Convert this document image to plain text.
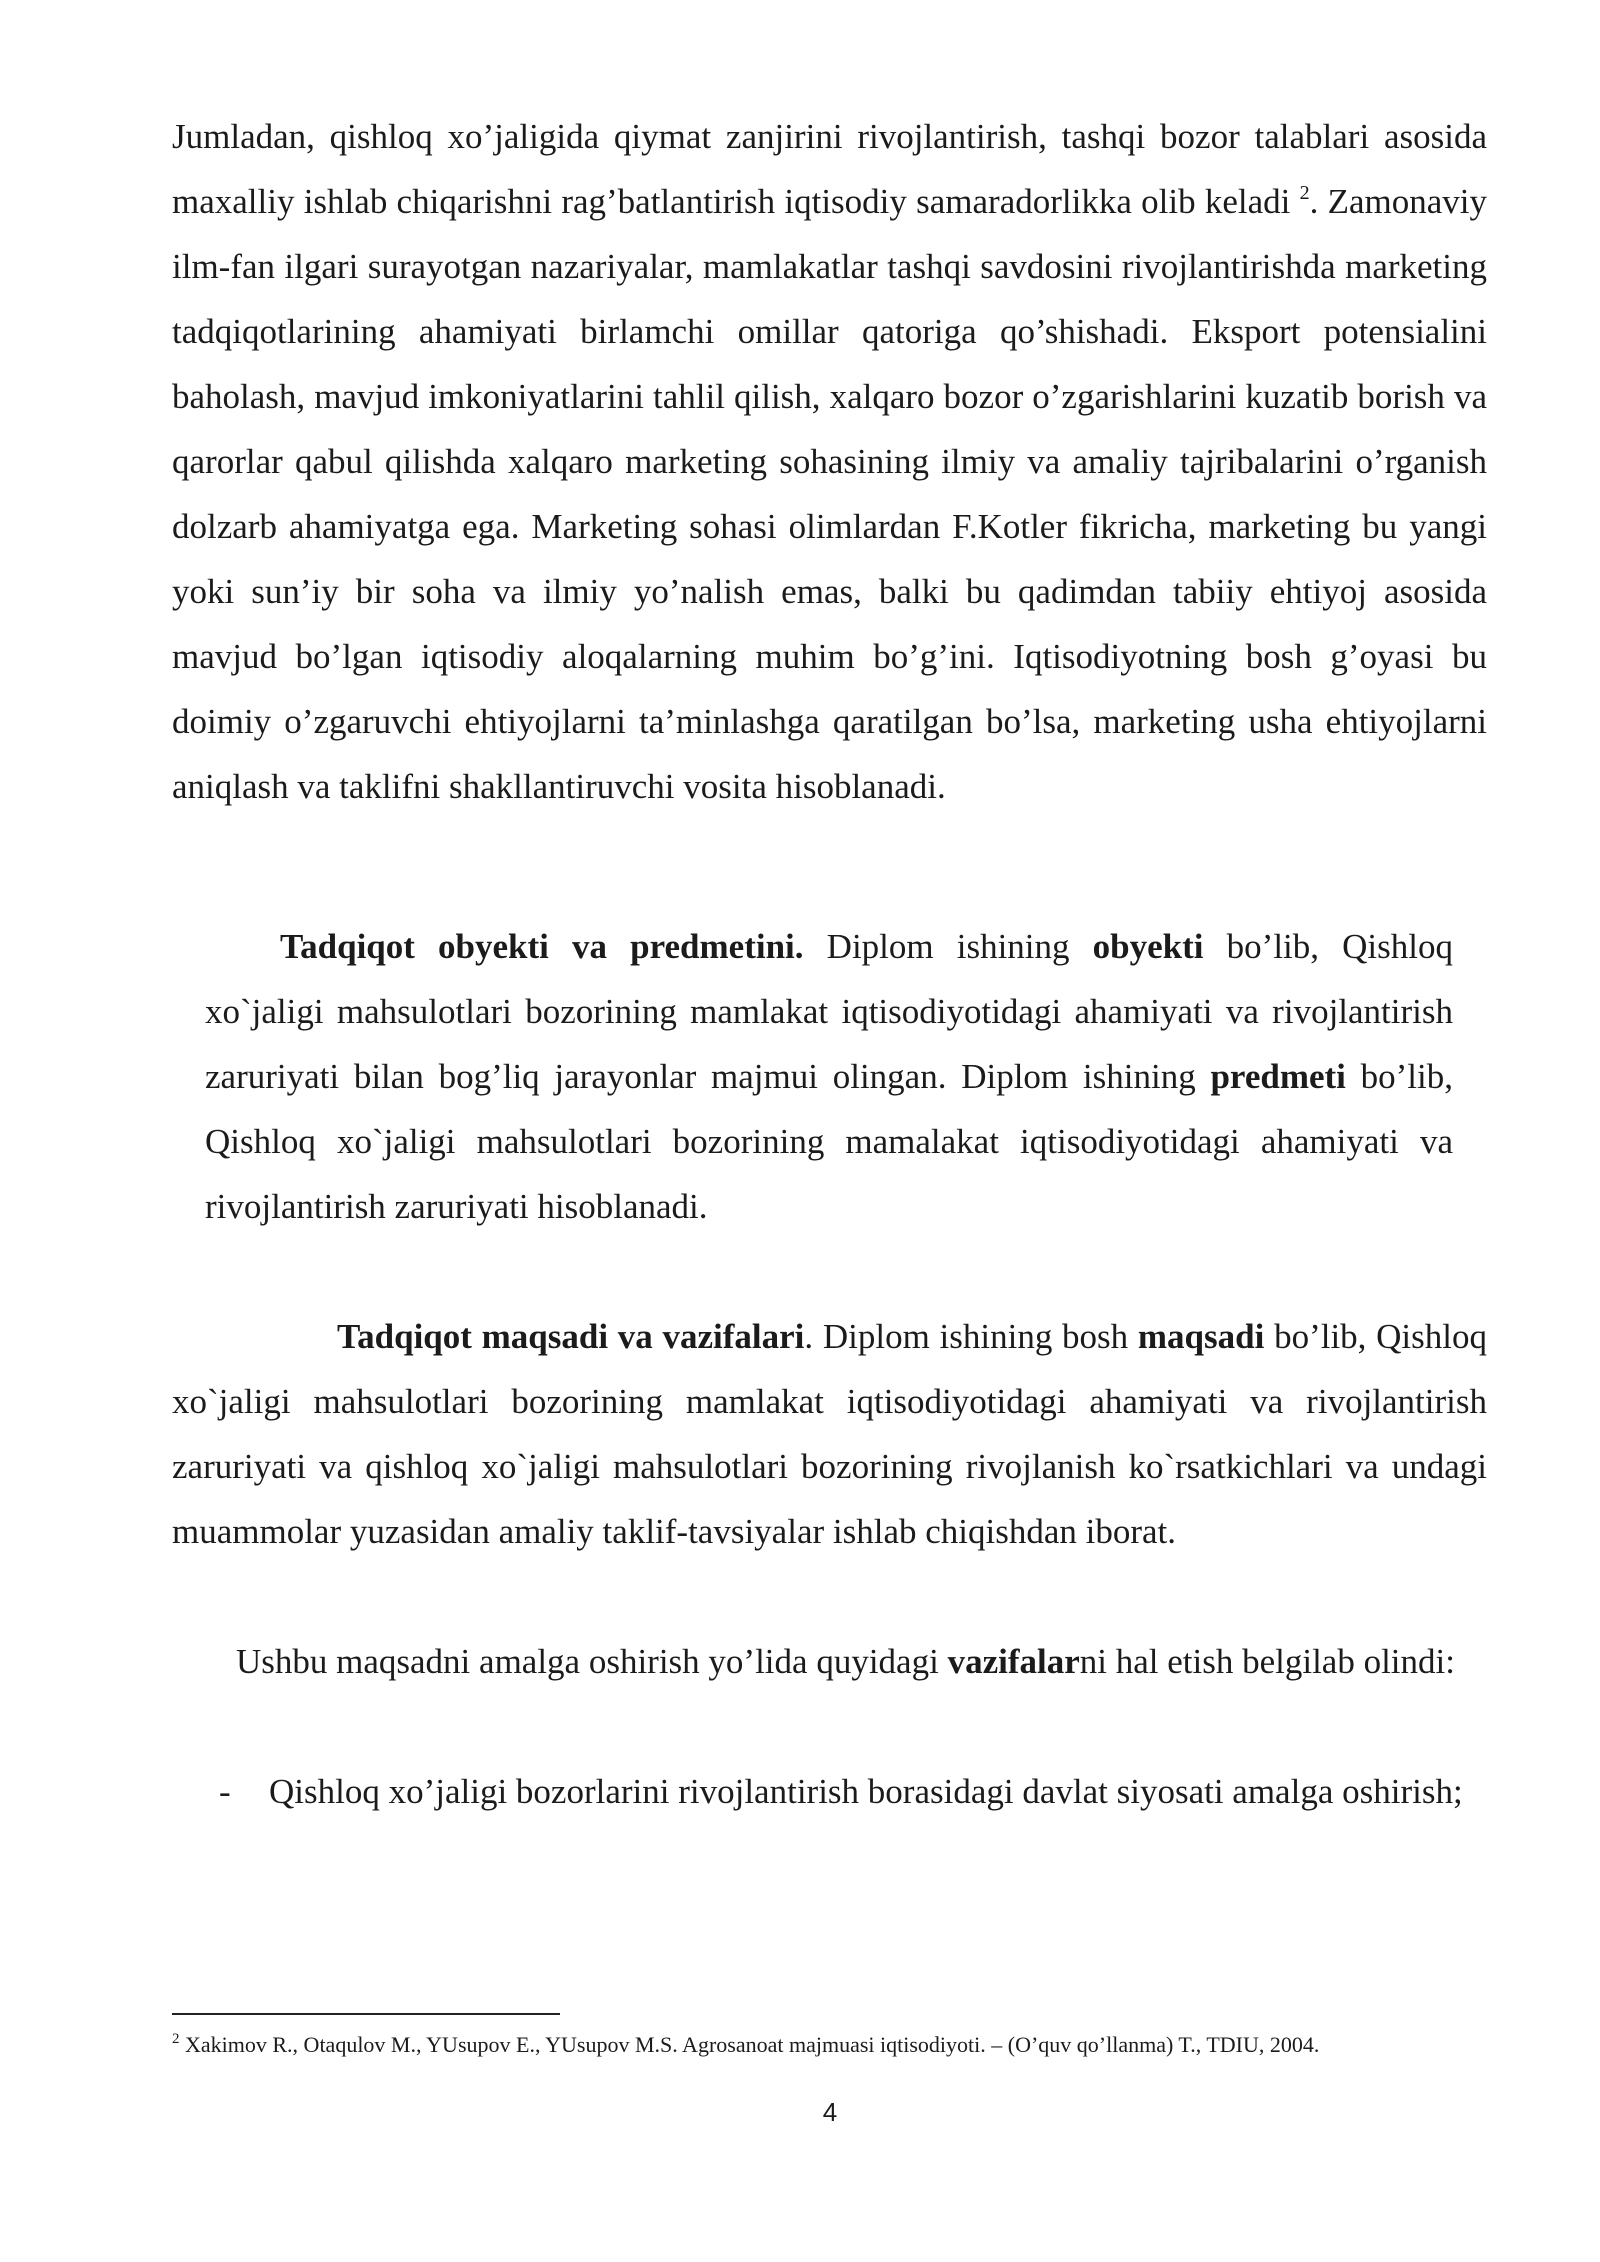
Jumladan, qishloq xo’jaligida qiymat zanjirini rivojlantirish, tashqi bozor talablari asosida maxalliy ishlab chiqarishni rag’batlantirish iqtisodiy samaradorlikka olib keladi $^2$. Zamonaviy ilm-fan ilgari surayotgan nazariyalar, mamlakatlar tashqi savdosini rivojlantirishda marketing tadqiqotlarining ahamiyati birlamchi omillar qatoriga qo’shishadi. Eksport potensialini baholash, mavjud imkoniyatlarini tahlil qilish, xalqaro bozor o’zgarishlarini kuzatib borish va qarorlar qabul qilishda xalqaro marketing sohasining ilmiy va amaliy tajribalarini o’rganish dolzarb ahamiyatga ega. Marketing sohasi olimlardan F.Kotler fikricha, marketing bu yangi yoki sun’iy bir soha va ilmiy yo’nalish emas, balki bu qadimdan tabiiy ehtiyoj asosida mavjud bo’lgan iqtisodiy aloqalarning muhim bo’g’ini. Iqtisodiyotning bosh g’oyasi bu doimiy o’zgaruvchi ehtiyojlarni ta’minlashga qaratilgan bo’lsa, marketing usha ehtiyojlarni aniqlash va taklifni shakllantiruvchi vosita hisoblanadi.

Tadqiqot obyekti va predmetini. Diplom ishining obyekti bo’lib, Qishloq xo`jaligi mahsulotlari bozorining mamlakat iqtisodiyotidagi ahamiyati va rivojlantirish zaruriyati bilan bog’liq jarayonlar majmui olingan. Diplom ishining predmeti bo’lib, Qishloq xo`jaligi mahsulotlari bozorining mamalakat iqtisodiyotidagi ahamiyati va rivojlantirish zaruriyati hisoblanadi.

Tadqiqot maqsadi va vazifalari. Diplom ishining bosh maqsadi bo’lib, Qishloq xo`jaligi mahsulotlari bozorining mamlakat iqtisodiyotidagi ahamiyati va rivojlantirish zaruriyati va qishloq xo`jaligi mahsulotlari bozorining rivojlanish ko`rsatkichlari va undagi muammolar yuzasidan amaliy taklif-tavsiyalar ishlab chiqishdan iborat.

Ushbu maqsadni amalga oshirish yo’lida quyidagi vazifalarni hal etish belgilab olindi:

- Qishloq xo’jaligi bozorlarini rivojlantirish borasidagi davlat siyosati amalga oshirish;

$^2$ Xakimov R., Otaqulov M., YUsupov E., YUsupov M.S. Agrosanoat majmuasi iqtisodiyoti. – (O’quv qo’llanma) T., TDIU, 2004.

4
